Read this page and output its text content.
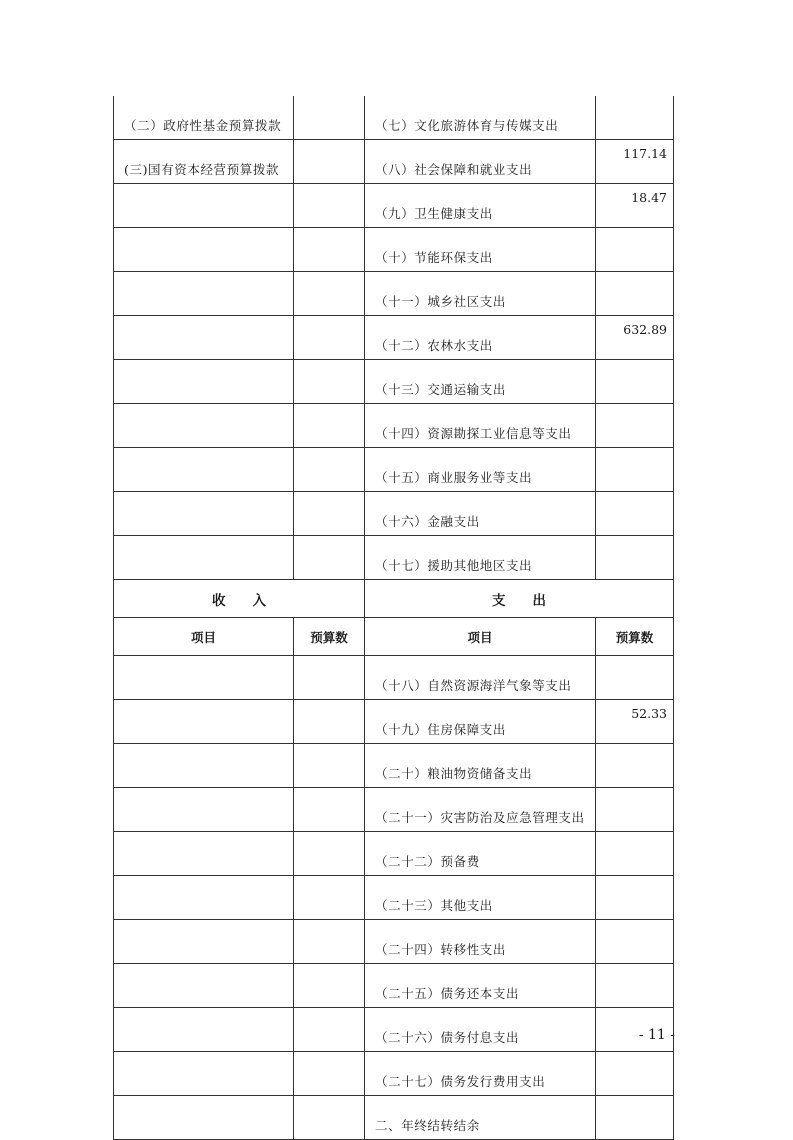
（二）政府性基金预算拨款		（七）文化旅游体育与传媒支出	
(三)国有资本经营预算拨款		（八）社会保障和就业支出	117.14
		（九）卫生健康支出	18.47
		（十）节能环保支出	
		（十一）城乡社区支出	
		（十二）农林水支出	632.89
		（十三）交通运输支出	
		（十四）资源勘探工业信息等支出	
		（十五）商业服务业等支出	
		（十六）金融支出	
		（十七）援助其他地区支出	
收　　入		支　　出	
项目	预算数	项目	预算数
		（十八）自然资源海洋气象等支出	
		（十九）住房保障支出	52.33
		（二十）粮油物资储备支出	
		（二十一）灾害防治及应急管理支出	
		（二十二）预备费	
		（二十三）其他支出	
		（二十四）转移性支出	
		（二十五）债务还本支出	
		（二十六）债务付息支出	
		（二十七）债务发行费用支出	
		二、年终结转结余	
- 11 -
